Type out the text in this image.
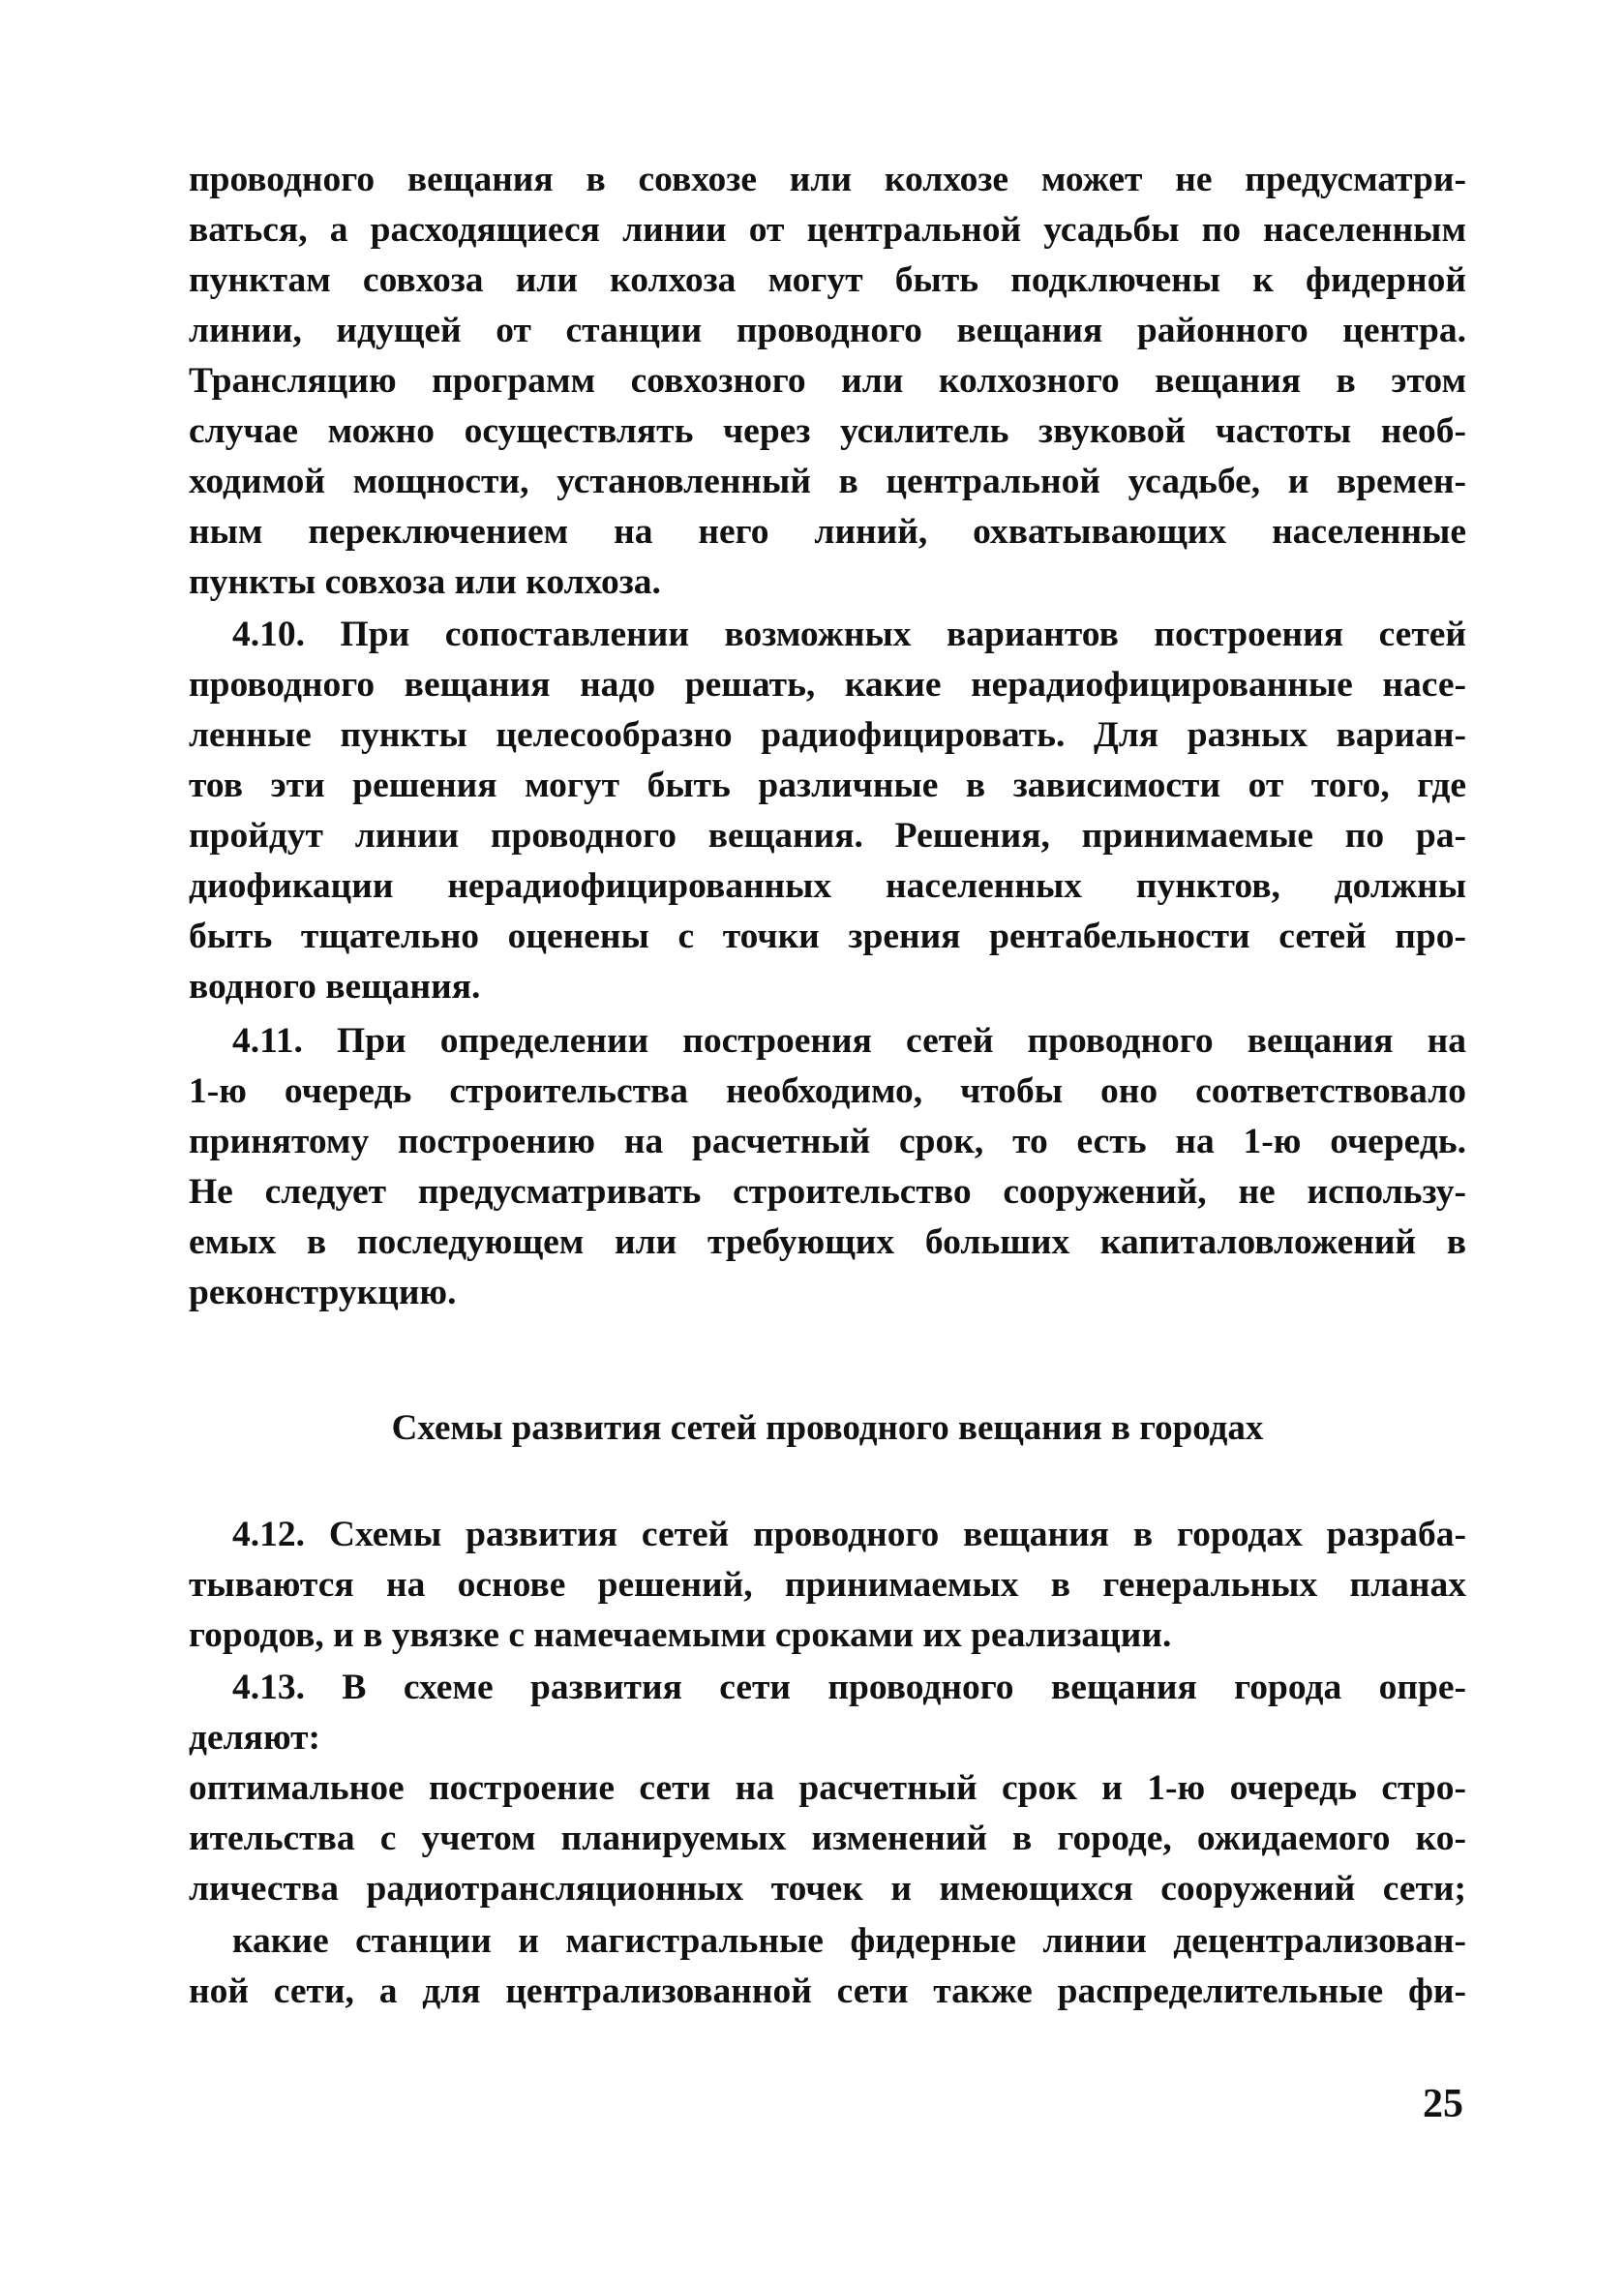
проводного вещания в совхозе или колхозе может не предусматри-
ваться, а расходящиеся линии от центральной усадьбы по населенным
пунктам совхоза или колхоза могут быть подключены к фидерной
линии, идущей от станции проводного вещания районного центра.
Трансляцию программ совхозного или колхозного вещания в этом
случае можно осуществлять через усилитель звуковой частоты необ-
ходимой мощности, установленный в центральной усадьбе, и времен-
ным переключением на него линий, охватывающих населенные
пункты совхоза или колхоза.

4.10. При сопоставлении возможных вариантов построения сетей
проводного вещания надо решать, какие нерадиофицированные насе-
ленные пункты целесообразно радиофицировать. Для разных вариан-
тов эти решения могут быть различные в зависимости от того, где
пройдут линии проводного вещания. Решения, принимаемые по ра-
диофикации нерадиофицированных населенных пунктов, должны
быть тщательно оценены с точки зрения рентабельности сетей про-
водного вещания.

4.11. При определении построения сетей проводного вещания на
1-ю очередь строительства необходимо, чтобы оно соответствовало
принятому построению на расчетный срок, то есть на 1-ю очередь.
Не следует предусматривать строительство сооружений, не использу-
емых в последующем или требующих больших капиталовложений в
реконструкцию.

Схемы развития сетей проводного вещания в городах

4.12. Схемы развития сетей проводного вещания в городах разраба-
тываются на основе решений, принимаемых в генеральных планах
городов, и в увязке с намечаемыми сроками их реализации.

4.13. В схеме развития сети проводного вещания города опре-
деляют:

оптимальное построение сети на расчетный срок и 1-ю очередь стро-
ительства с учетом планируемых изменений в городе, ожидаемого ко-
личества радиотрансляционных точек и имеющихся сооружений сети;

какие станции и магистральные фидерные линии децентрализован-
ной сети, а для централизованной сети также распределительные фи-

25
